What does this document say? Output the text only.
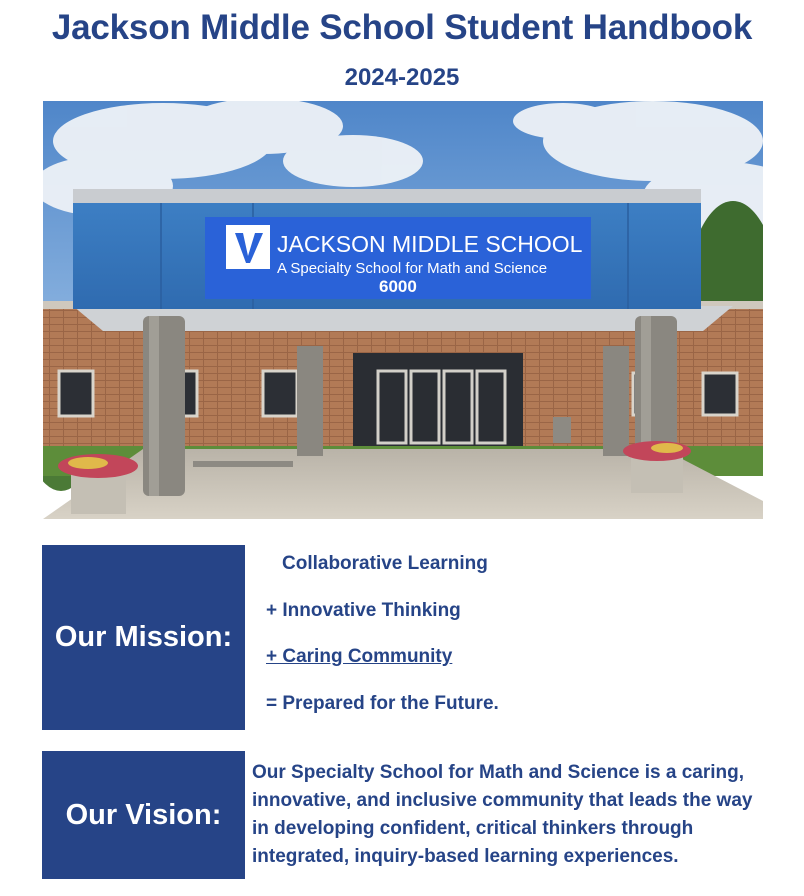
Jackson Middle School Student Handbook
2024-2025
JACKSON MIDDLE SCHOOL
A Specialty School for Math and Science
6000
Our Mission:
Collaborative Learning
+ Innovative Thinking
+ Caring Community
= Prepared for the Future.
Our Vision:
Our Specialty School for Math and Science is a caring, innovative, and inclusive community that leads the way in developing confident, critical thinkers through integrated, inquiry-based learning experiences.
